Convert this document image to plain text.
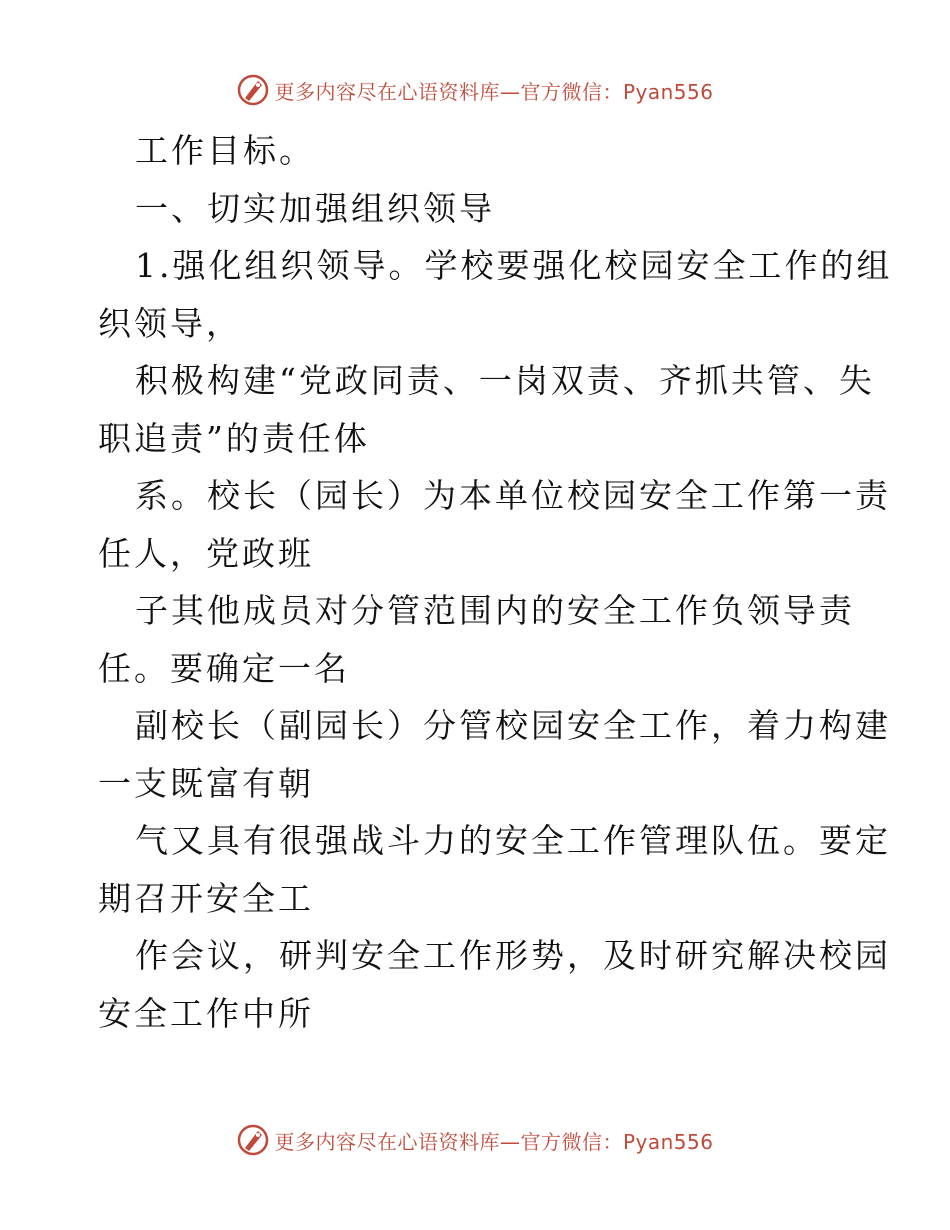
更多内容尽在心语资料库—官方微信：Pyan556
工作目标。
一、切实加强组织领导
1.强化组织领导。学校要强化校园安全工作的组
织领导，
积极构建“党政同责、一岗双责、齐抓共管、失
职追责”的责任体
系。校长（园长）为本单位校园安全工作第一责
任人，党政班
子其他成员对分管范围内的安全工作负领导责
任。要确定一名
副校长（副园长）分管校园安全工作，着力构建
一支既富有朝
气又具有很强战斗力的安全工作管理队伍。要定
期召开安全工
作会议，研判安全工作形势，及时研究解决校园
安全工作中所
更多内容尽在心语资料库—官方微信：Pyan556
